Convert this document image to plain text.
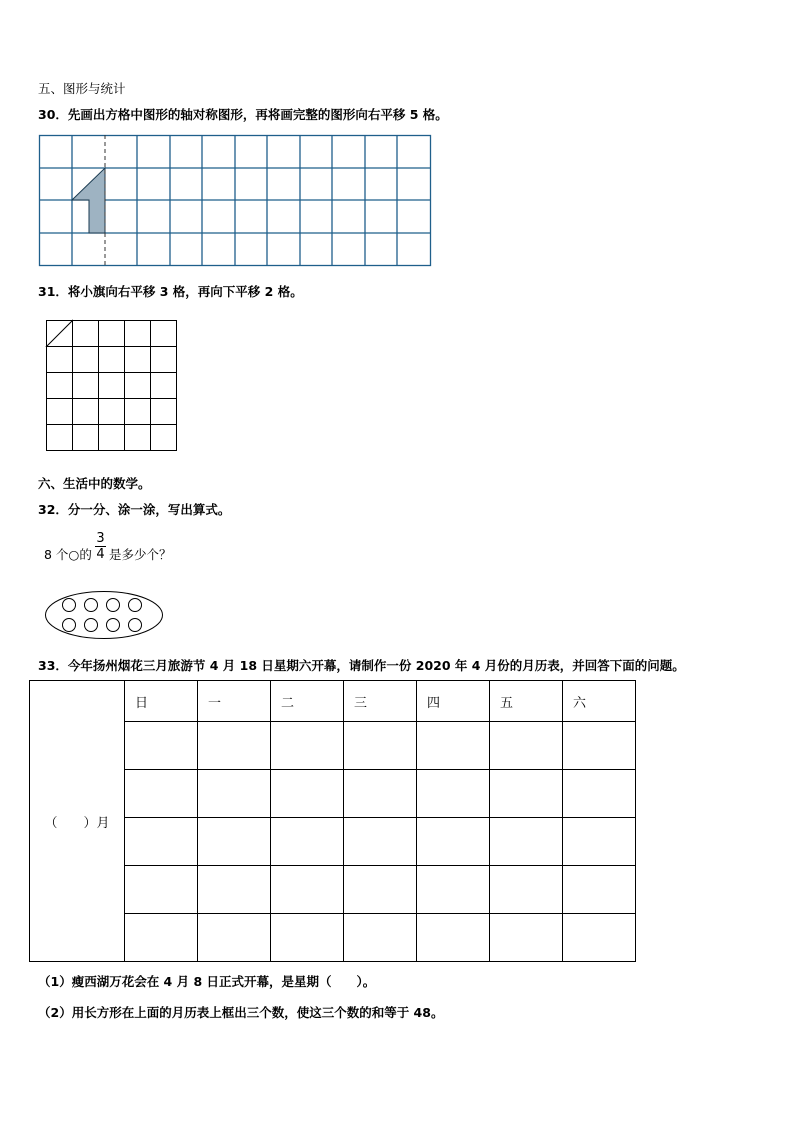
五、图形与统计
30．先画出方格中图形的轴对称图形，再将画完整的图形向右平移 5 格。
31．将小旗向右平移 3 格，再向下平移 2 格。
六、生活中的数学。
32．分一分、涂一涂，写出算式。
8 个○的
3
4 是多少个？
33．今年扬州烟花三月旅游节 4 月 18 日星期六开幕，请制作一份 2020 年 4 月份的月历表，并回答下面的问题。
（　　）月	日	一	二	三	四	五	六

（1）瘦西湖万花会在 4 月 8 日正式开幕，是星期（　　）。
（2）用长方形在上面的月历表上框出三个数，使这三个数的和等于 48。
